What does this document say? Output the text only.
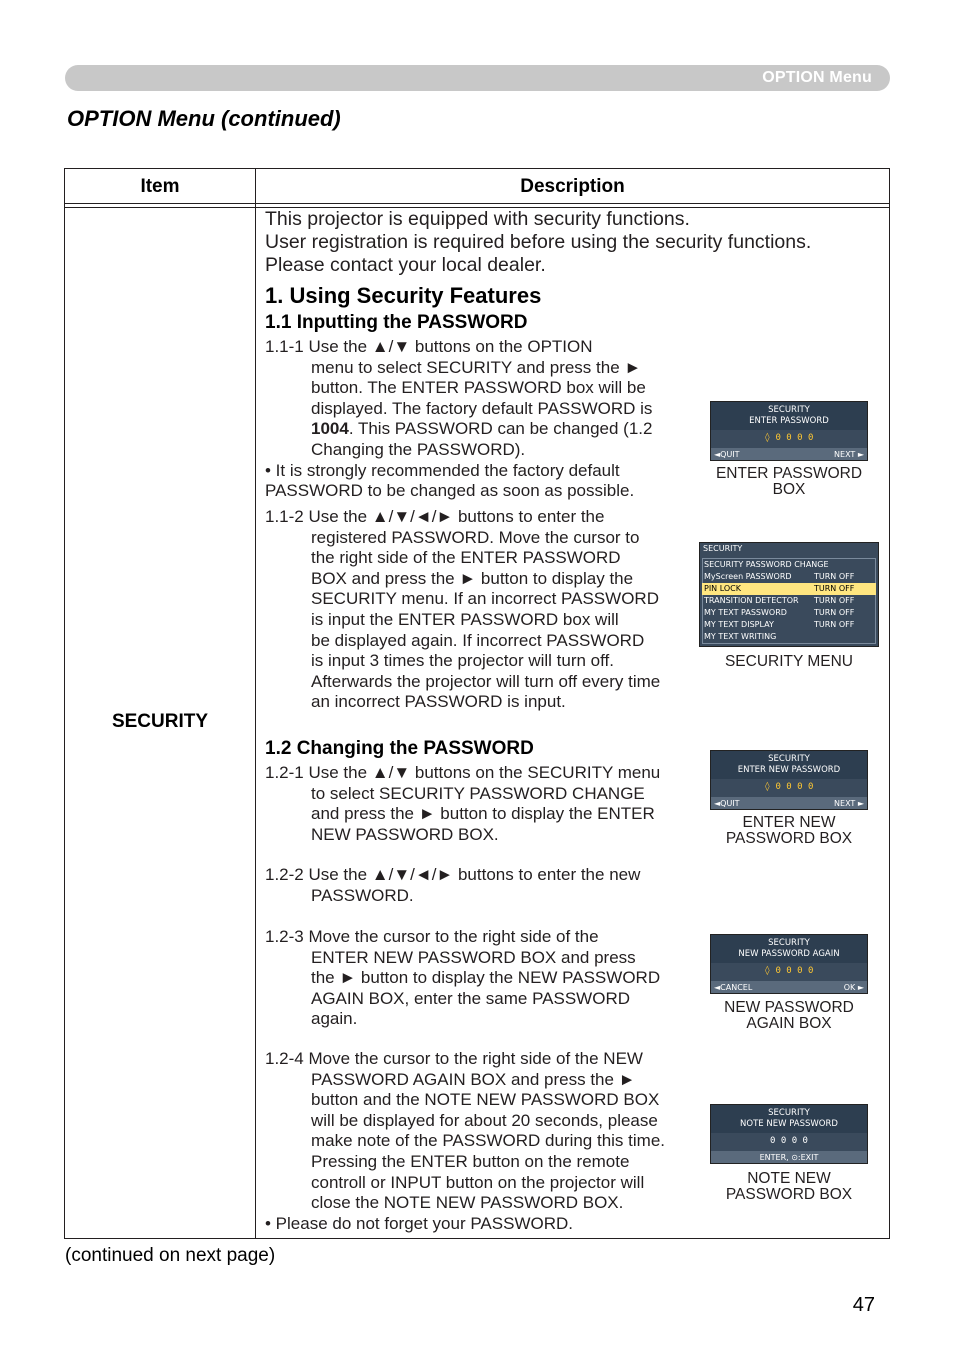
OPTION Menu
OPTION Menu (continued)
Item	Description
SECURITY
This projector is equipped with security functions.
User registration is required before using the security functions.
Please contact your local dealer.
1. Using Security Features
1.1 Inputting the PASSWORD
1.1-1 Use the ▲/▼ buttons on the OPTION
menu to select SECURITY and press the ►
button. The ENTER PASSWORD box will be
displayed. The factory default PASSWORD is
1004. This PASSWORD can be changed (1.2
Changing the PASSWORD).
• It is strongly recommended the factory default
PASSWORD to be changed as soon as possible.
1.1-2 Use the ▲/▼/◄/► buttons to enter the
registered PASSWORD. Move the cursor to
the right side of the ENTER PASSWORD
BOX and press the ► button to display the
SECURITY menu. If an incorrect PASSWORD
is input the ENTER PASSWORD box will
be displayed again. If incorrect PASSWORD
is input 3 times the projector will turn off.
Afterwards the projector will turn off every time
an incorrect PASSWORD is input.
1.2 Changing the PASSWORD
1.2-1 Use the ▲/▼ buttons on the SECURITY menu
to select SECURITY PASSWORD CHANGE
and press the ► button to display the ENTER
NEW PASSWORD BOX.
1.2-2 Use the ▲/▼/◄/► buttons to enter the new
PASSWORD.
1.2-3 Move the cursor to the right side of the
ENTER NEW PASSWORD BOX and press
the ► button to display the NEW PASSWORD
AGAIN BOX, enter the same PASSWORD
again.
1.2-4 Move the cursor to the right side of the NEW
PASSWORD AGAIN BOX and press the ►
button and the NOTE NEW PASSWORD BOX
will be displayed for about 20 seconds, please
make note of the PASSWORD during this time.
Pressing the ENTER button on the remote
controll or INPUT button on the projector will
close the NOTE NEW PASSWORD BOX.
• Please do not forget your PASSWORD.
SECURITY
ENTER PASSWORD
◊ 0 0 0 0
◄QUIT	NEXT ►
ENTER PASSWORD
BOX
SECURITY
SECURITY PASSWORD CHANGE
MyScreen PASSWORD	TURN OFF
PIN LOCK	TURN OFF
TRANSITION DETECTOR TURN OFF
MY TEXT PASSWORD	TURN OFF
MY TEXT DISPLAY	TURN OFF
MY TEXT WRITING
SECURITY MENU
SECURITY
ENTER NEW PASSWORD
◊ 0 0 0 0
◄QUIT	NEXT ►
ENTER NEW
PASSWORD BOX
SECURITY
NEW PASSWORD AGAIN
◊ 0 0 0 0
◄CANCEL	OK ►
NEW PASSWORD
AGAIN BOX
SECURITY
NOTE NEW PASSWORD
0 0 0 0
ENTER, ⊙:EXIT
NOTE NEW
PASSWORD BOX
(continued on next page)
47
